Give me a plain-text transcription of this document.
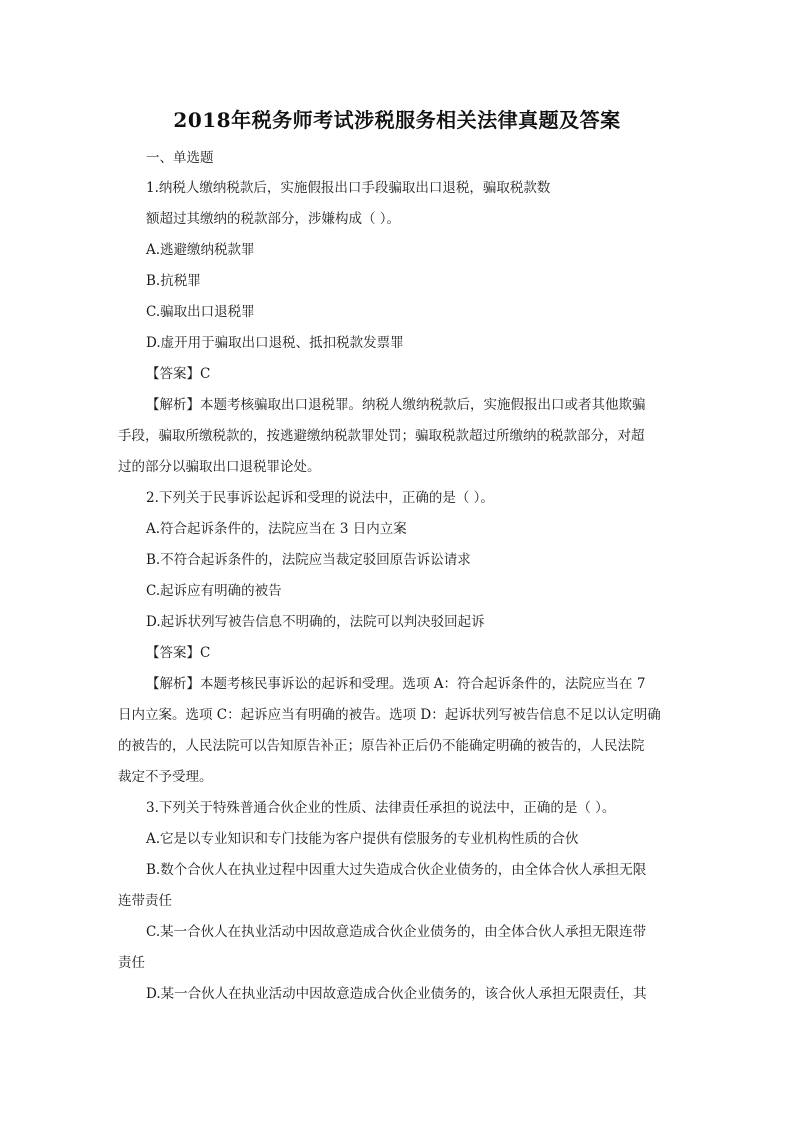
2018年税务师考试涉税服务相关法律真题及答案
一、单选题
1.纳税人缴纳税款后，实施假报出口手段骗取出口退税，骗取税款数
额超过其缴纳的税款部分，涉嫌构成（ ）。
A.逃避缴纳税款罪
B.抗税罪
C.骗取出口退税罪
D.虚开用于骗取出口退税、抵扣税款发票罪
【答案】C
【解析】本题考核骗取出口退税罪。纳税人缴纳税款后，实施假报出口或者其他欺骗
手段，骗取所缴税款的，按逃避缴纳税款罪处罚；骗取税款超过所缴纳的税款部分，对超
过的部分以骗取出口退税罪论处。
2.下列关于民事诉讼起诉和受理的说法中，正确的是（ ）。
A.符合起诉条件的，法院应当在 3 日内立案
B.不符合起诉条件的，法院应当裁定驳回原告诉讼请求
C.起诉应有明确的被告
D.起诉状列写被告信息不明确的，法院可以判决驳回起诉
【答案】C
【解析】本题考核民事诉讼的起诉和受理。选项 A：符合起诉条件的，法院应当在 7
日内立案。选项 C：起诉应当有明确的被告。选项 D：起诉状列写被告信息不足以认定明确
的被告的，人民法院可以告知原告补正；原告补正后仍不能确定明确的被告的，人民法院
裁定不予受理。
3.下列关于特殊普通合伙企业的性质、法律责任承担的说法中，正确的是（ ）。
A.它是以专业知识和专门技能为客户提供有偿服务的专业机构性质的合伙
B.数个合伙人在执业过程中因重大过失造成合伙企业债务的，由全体合伙人承担无限
连带责任
C.某一合伙人在执业活动中因故意造成合伙企业债务的，由全体合伙人承担无限连带
责任
D.某一合伙人在执业活动中因故意造成合伙企业债务的，该合伙人承担无限责任，其
